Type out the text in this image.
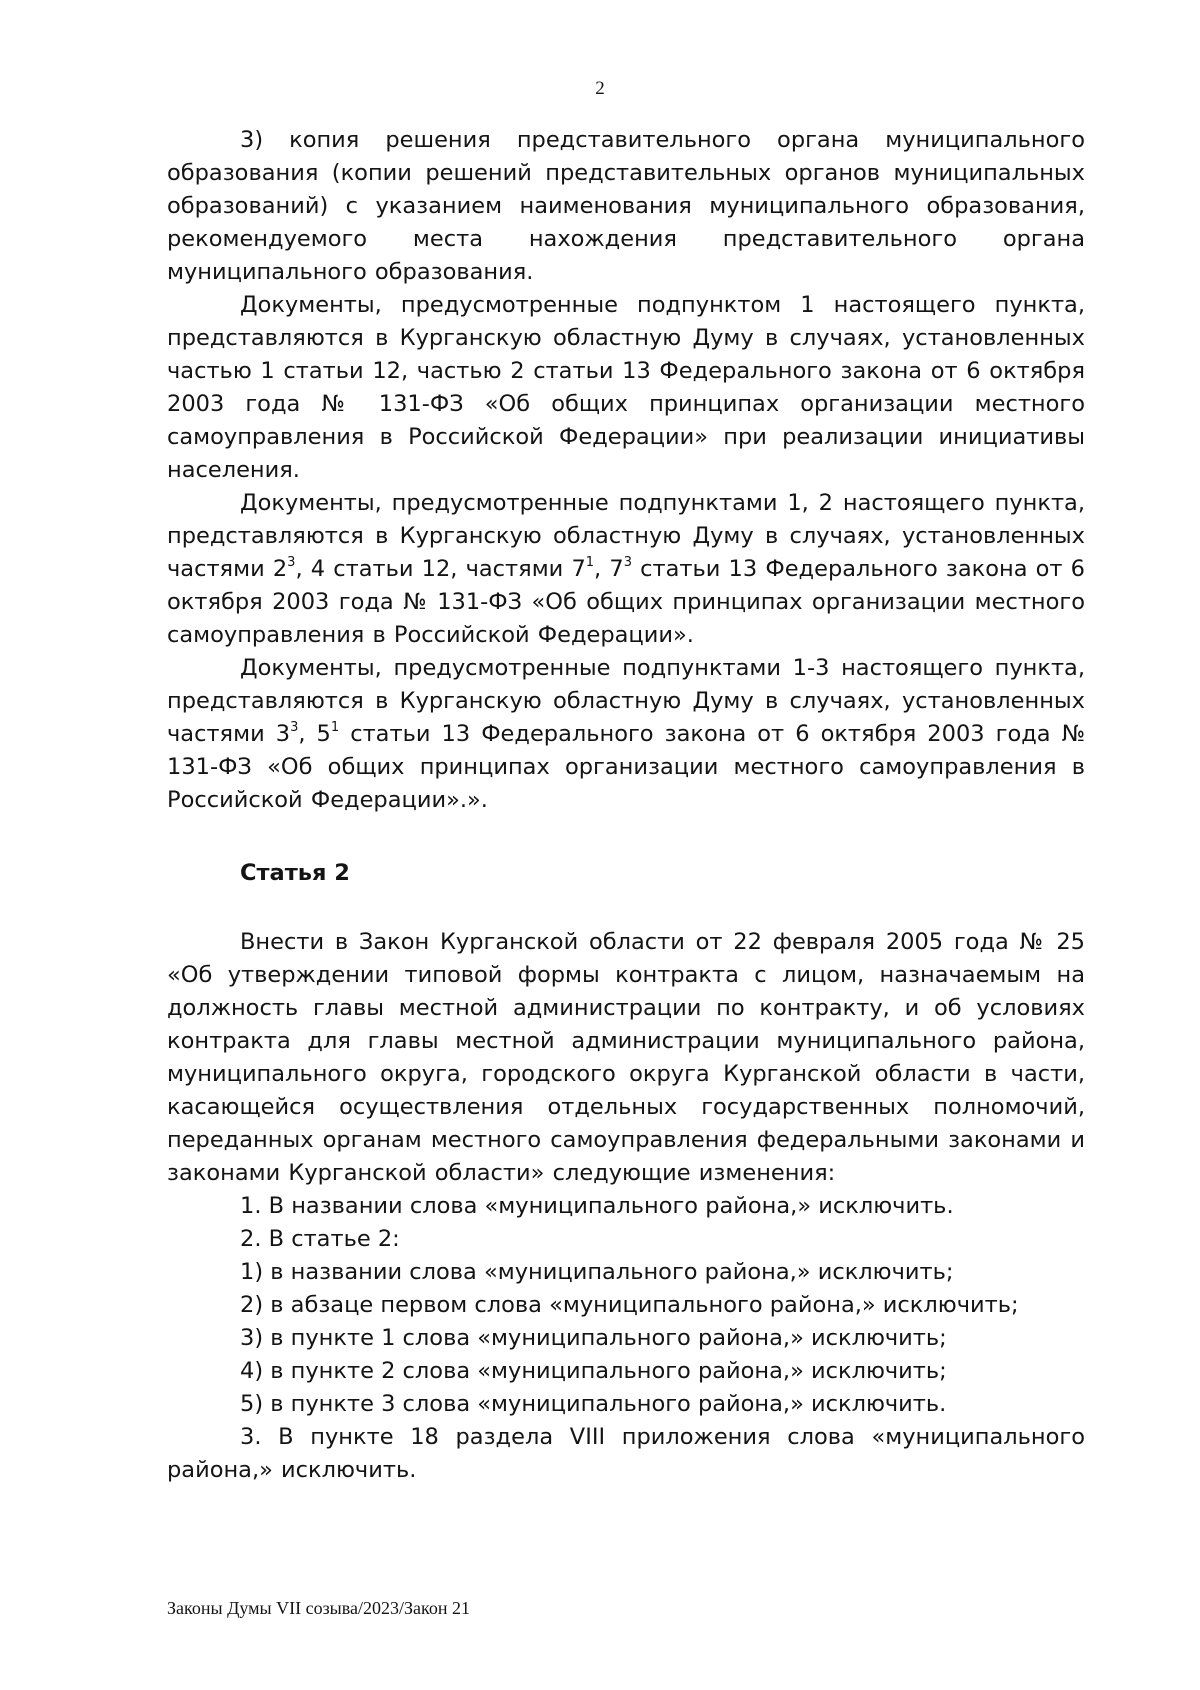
2

3) копия решения представительного органа муниципального образования (копии решений представительных органов муниципальных образований) с указанием наименования муниципального образования, рекомендуемого места нахождения представительного органа муниципального образования.

Документы, предусмотренные подпунктом 1 настоящего пункта, представляются в Курганскую областную Думу в случаях, установленных частью 1 статьи 12, частью 2 статьи 13 Федерального закона от 6 октября 2003 года № 131-ФЗ «Об общих принципах организации местного самоуправления в Российской Федерации» при реализации инициативы населения.

Документы, предусмотренные подпунктами 1, 2 настоящего пункта, представляются в Курганскую областную Думу в случаях, установленных частями $2^3$, 4 статьи 12, частями $7^1$, $7^3$ статьи 13 Федерального закона от 6 октября 2003 года № 131-ФЗ «Об общих принципах организации местного самоуправления в Российской Федерации».

Документы, предусмотренные подпунктами 1-3 настоящего пункта, представляются в Курганскую областную Думу в случаях, установленных частями $3^3$, $5^1$ статьи 13 Федерального закона от 6 октября 2003 года № 131-ФЗ «Об общих принципах организации местного самоуправления в Российской Федерации».».

Статья 2

Внести в Закон Курганской области от 22 февраля 2005 года № 25 «Об утверждении типовой формы контракта с лицом, назначаемым на должность главы местной администрации по контракту, и об условиях контракта для главы местной администрации муниципального района, муниципального округа, городского округа Курганской области в части, касающейся осуществления отдельных государственных полномочий, переданных органам местного самоуправления федеральными законами и законами Курганской области» следующие изменения:

1. В названии слова «муниципального района,» исключить.

2. В статье 2:

1) в названии слова «муниципального района,» исключить;

2) в абзаце первом слова «муниципального района,» исключить;

3) в пункте 1 слова «муниципального района,» исключить;

4) в пункте 2 слова «муниципального района,» исключить;

5) в пункте 3 слова «муниципального района,» исключить.

3. В пункте 18 раздела VIII приложения слова «муниципального района,» исключить.

Законы Думы VII созыва/2023/Закон 21
